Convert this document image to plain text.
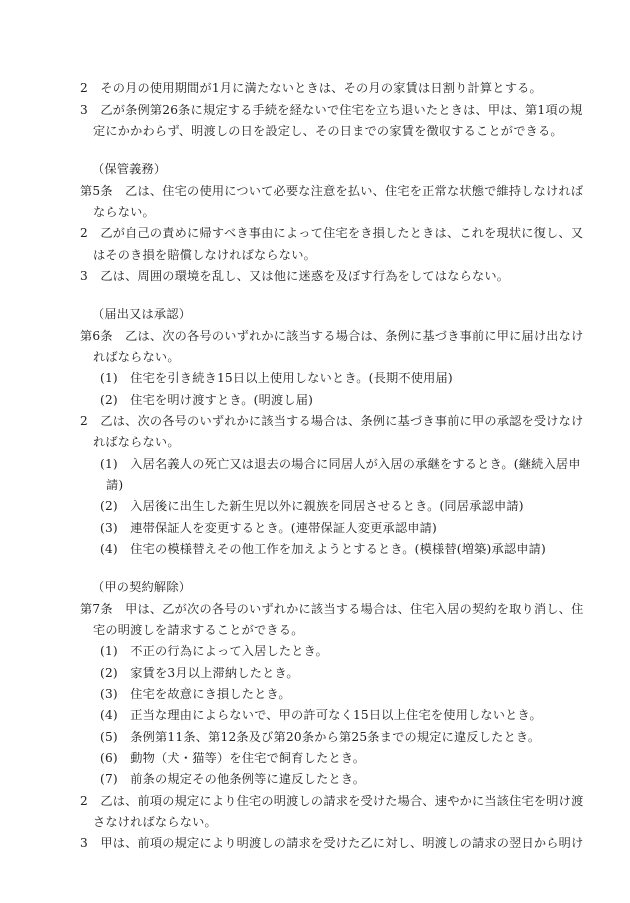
2　その月の使用期間が1月に満たないときは、その月の家賃は日割り計算とする。
3　乙が条例第26条に規定する手続を経ないで住宅を立ち退いたときは、甲は、第1項の規
定にかかわらず、明渡しの日を設定し、その日までの家賃を徴収することができる。
（保管義務）
第5条　乙は、住宅の使用について必要な注意を払い、住宅を正常な状態で維持しなければ
ならない。
2　乙が自己の責めに帰すべき事由によって住宅をき損したときは、これを現状に復し、又
はそのき損を賠償しなければならない。
3　乙は、周囲の環境を乱し、又は他に迷惑を及ぼす行為をしてはならない。
（届出又は承認）
第6条　乙は、次の各号のいずれかに該当する場合は、条例に基づき事前に甲に届け出なけ
ればならない。
(1)　住宅を引き続き15日以上使用しないとき。(長期不使用届)
(2)　住宅を明け渡すとき。(明渡し届)
2　乙は、次の各号のいずれかに該当する場合は、条例に基づき事前に甲の承認を受けなけ
ればならない。
(1)　入居名義人の死亡又は退去の場合に同居人が入居の承継をするとき。(継続入居申
請)
(2)　入居後に出生した新生児以外に親族を同居させるとき。(同居承認申請)
(3)　連帯保証人を変更するとき。(連帯保証人変更承認申請)
(4)　住宅の模様替えその他工作を加えようとするとき。(模様替(増築)承認申請)
（甲の契約解除）
第7条　甲は、乙が次の各号のいずれかに該当する場合は、住宅入居の契約を取り消し、住
宅の明渡しを請求することができる。
(1)　不正の行為によって入居したとき。
(2)　家賃を3月以上滞納したとき。
(3)　住宅を故意にき損したとき。
(4)　正当な理由によらないで、甲の許可なく15日以上住宅を使用しないとき。
(5)　条例第11条、第12条及び第20条から第25条までの規定に違反したとき。
(6)　動物（犬・猫等）を住宅で飼育したとき。
(7)　前条の規定その他条例等に違反したとき。
2　乙は、前項の規定により住宅の明渡しの請求を受けた場合、速やかに当該住宅を明け渡
さなければならない。
3　甲は、前項の規定により明渡しの請求を受けた乙に対し、明渡しの請求の翌日から明け
